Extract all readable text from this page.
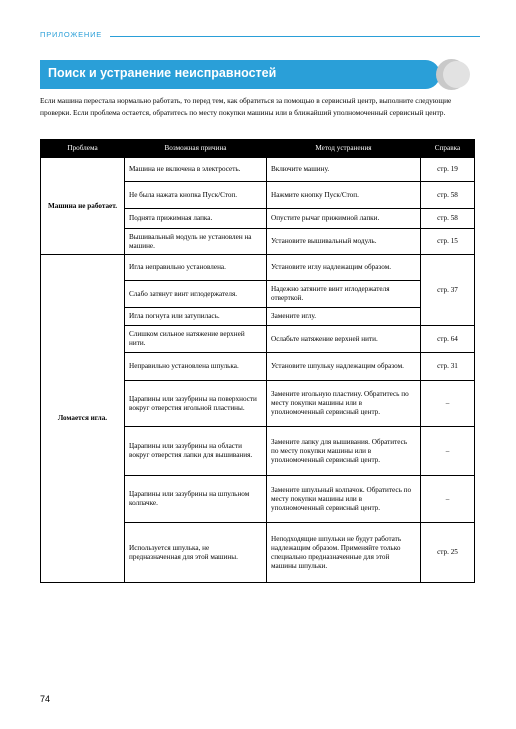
ПРИЛОЖЕНИЕ
Поиск и устранение неисправностей
Если машина перестала нормально работать, то перед тем, как обратиться за помощью в сервисный центр, выполните следующие проверки. Если проблема остается, обратитесь по месту покупки машины или в ближайший уполномоченный сервисный центр.
Проблема	Возможная причина	Метод устранения	Справка
Машина не работает.	Машина не включена в электросеть.	Включите машину.	стр. 19
	Не была нажата кнопка Пуск/Стоп.	Нажмите кнопку Пуск/Стоп.	стр. 58
	Поднята прижимная лапка.	Опустите рычаг прижимной лапки.	стр. 58
	Вышивальный модуль не установлен на машине.	Установите вышивальный модуль.	стр. 15
Ломается игла.	Игла неправильно установлена.	Установите иглу надлежащим образом.	стр. 37
	Слабо затянут винт иглодержателя.	Надежно затяните винт иглодержателя отверткой.	
	Игла погнута или затупилась.	Замените иглу.	
	Слишком сильное натяжение верхней нити.	Ослабьте натяжение верхней нити.	стр. 64
	Неправильно установлена шпулька.	Установите шпульку надлежащим образом.	стр. 31
	Царапины или зазубрины на поверхности вокруг отверстия игольной пластины.	Замените игольную пластину. Обратитесь по месту покупки машины или в уполномоченный сервисный центр.	–
	Царапины или зазубрины на области вокруг отверстия лапки для вышивания.	Замените лапку для вышивания. Обратитесь по месту покупки машины или в уполномоченный сервисный центр.	–
	Царапины или зазубрины на шпульном колпачке.	Замените шпульный колпачок. Обратитесь по месту покупки машины или в уполномоченный сервисный центр.	–
	Используется шпулька, не предназначенная для этой машины.	Неподходящие шпульки не будут работать надлежащим образом. Применяйте только специально предназначенные для этой машины шпульки.	стр. 25
74
